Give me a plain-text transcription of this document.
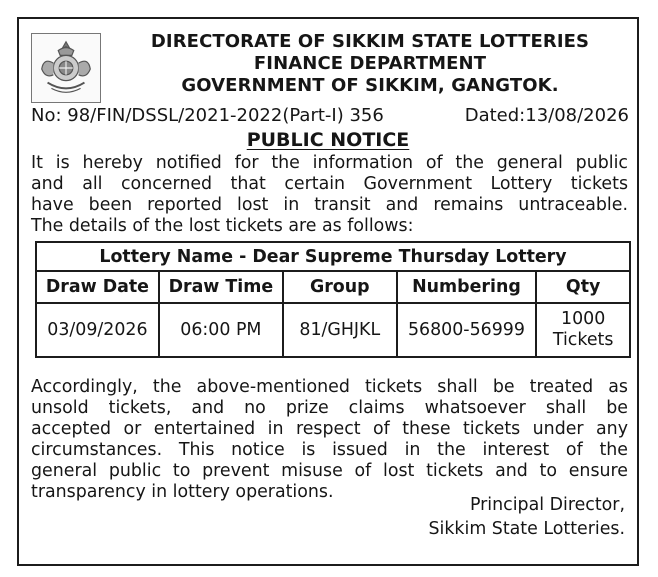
DIRECTORATE OF SIKKIM STATE LOTTERIES
FINANCE DEPARTMENT
GOVERNMENT OF SIKKIM, GANGTOK.
No: 98/FIN/DSSL/2021-2022(Part-I) 356	Dated:13/08/2026
PUBLIC NOTICE
It is hereby notified for the information of the general public
and all concerned that certain Government Lottery tickets
have been reported lost in transit and remains untraceable.
The details of the lost tickets are as follows:
Lottery Name - Dear Supreme Thursday Lottery				
Draw Date	Draw Time	Group	Numbering	Qty
03/09/2026	06:00 PM	81/GHJKL	56800-56999	1000
Tickets
Accordingly, the above-mentioned tickets shall be treated as
unsold tickets, and no prize claims whatsoever shall be
accepted or entertained in respect of these tickets under any
circumstances. This notice is issued in the interest of the
general public to prevent misuse of lost tickets and to ensure
transparency in lottery operations.
Principal Director,
Sikkim State Lotteries.
